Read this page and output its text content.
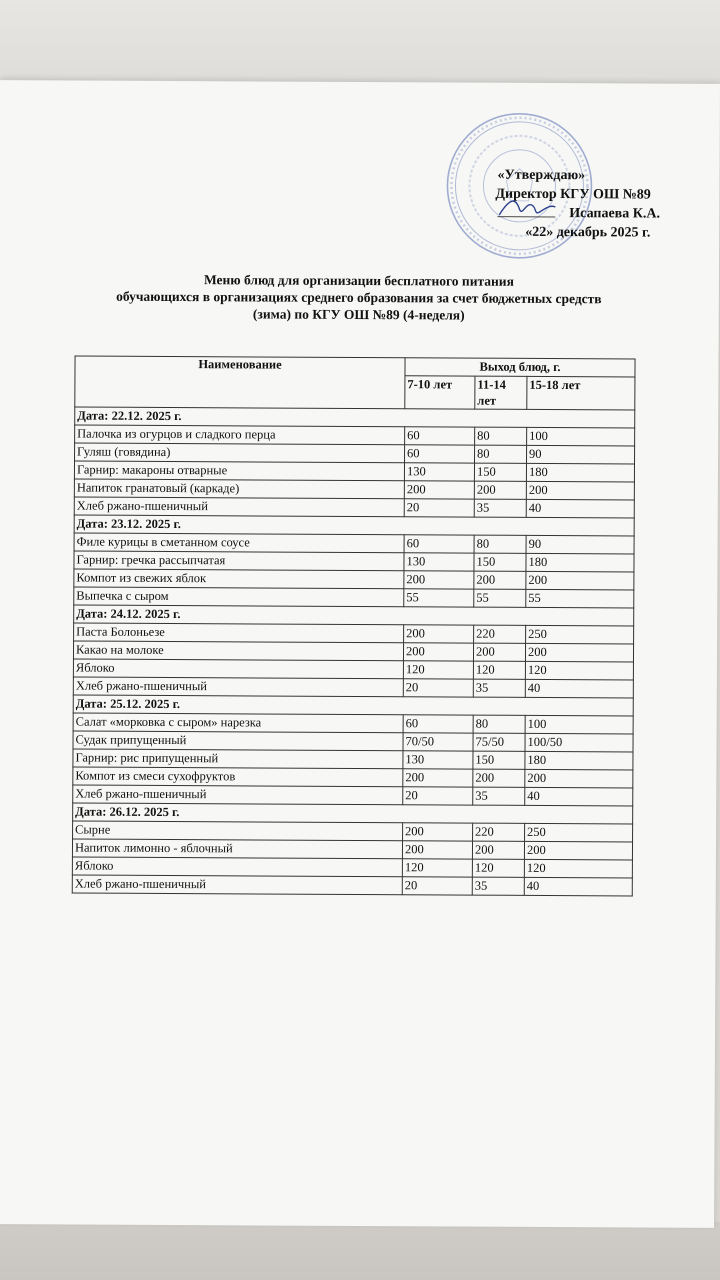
«Утверждаю»
Директор КГУ ОШ №89
Исапаева К.А.
«22» декабрь 2025 г.
Меню блюд для организации бесплатного питания
обучающихся в организациях среднего образования за счет бюджетных средств
(зима) по КГУ ОШ №89 (4-неделя)
Наименование	Выход блюд, г.		
	7-10 лет	11-14 лет	15-18 лет
Дата: 22.12. 2025 г.			
Палочка из огурцов и сладкого перца	60	80	100
Гуляш (говядина)	60	80	90
Гарнир: макароны отварные	130	150	180
Напиток гранатовый (каркаде)	200	200	200
Хлеб ржано-пшеничный	20	35	40
Дата: 23.12. 2025 г.			
Филе курицы в сметанном соусе	60	80	90
Гарнир: гречка рассыпчатая	130	150	180
Компот из свежих яблок	200	200	200
Выпечка с сыром	55	55	55
Дата: 24.12. 2025 г.			
Паста Болоньезе	200	220	250
Какао на молоке	200	200	200
Яблоко	120	120	120
Хлеб ржано-пшеничный	20	35	40
Дата: 25.12. 2025 г.			
Салат «морковка с сыром» нарезка	60	80	100
Судак припущенный	70/50	75/50	100/50
Гарнир: рис припущенный	130	150	180
Компот из смеси сухофруктов	200	200	200
Хлеб ржано-пшеничный	20	35	40
Дата: 26.12. 2025 г.			
Сырне	200	220	250
Напиток лимонно - яблочный	200	200	200
Яблоко	120	120	120
Хлеб ржано-пшеничный	20	35	40
